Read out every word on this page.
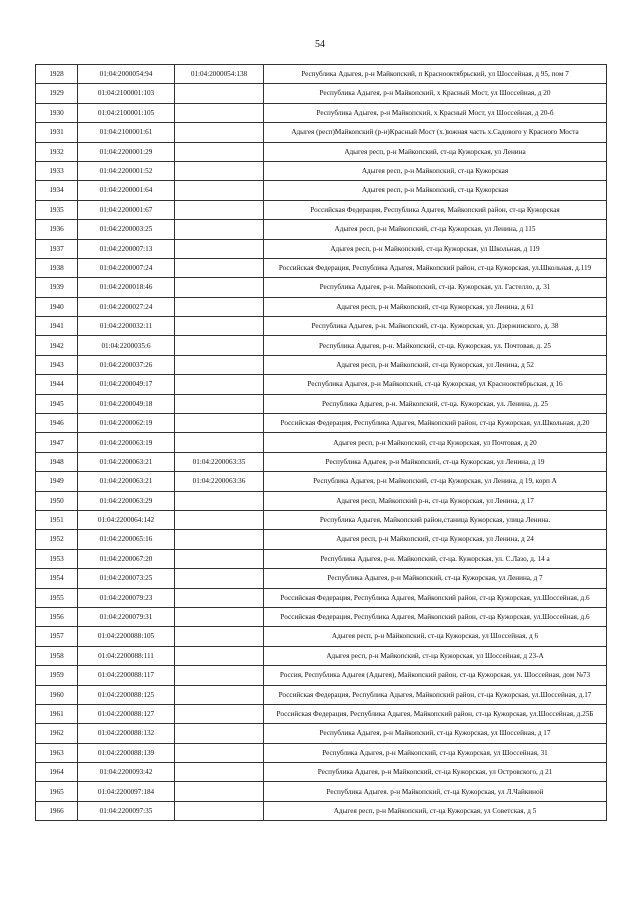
54
1928	01:04:2000054:94	01:04:2000054:138	Республика Адыгея, р-н Майкопский, п Краснооктябрьский, ул Шоссейная, д 95, пом 7
1929	01:04:2100001:103		Республика Адыгея, р-н Майкопский, х Красный Мост, ул Шоссейная, д 20
1930	01:04:2100001:105		Республика Адыгея, р-н Майкопский, х Красный Мост, ул Шоссейная, д 20-б
1931	01:04:2100001:61		Адыгея (респ)Майкопский (р-н)Красный Мост (х.)южная часть х.Садового у Красного Моста
1932	01:04:2200001:29		Адыгея респ, р-н Майкопский, ст-ца Кужорская, ул Ленина
1933	01:04:2200001:52		Адыгея респ, р-н Майкопский, ст-ца Кужорская
1934	01:04:2200001:64		Адыгея респ, р-н Майкопский, ст-ца Кужорская
1935	01:04:2200001:67		Российская Федерация, Республика Адыгея, Майкопский район, ст-ца Кужорская
1936	01:04:2200003:25		Адыгея респ, р-н Майкопский, ст-ца Кужорская, ул Ленина, д 115
1937	01:04:2200007:13		Адыгея респ, р-н Майкопский, ст-ца Кужорская, ул Школьная, д 119
1938	01:04:2200007:24		Российская Федерация, Республика Адыгея, Майкопский район, ст-ца Кужорская, ул.Школьная, д.119
1939	01:04:2200018:46		Республика Адыгея, р-н. Майкопский, ст-ца. Кужорская, ул. Гастелло, д. 31
1940	01:04:2200027:24		Адыгея респ, р-н Майкопский, ст-ца Кужорская, ул Ленина, д 61
1941	01:04:2200032:11		Республика Адыгея, р-н. Майкопский, ст-ца. Кужорская, ул. Дзержинского, д. 38
1942	01:04:2200035:6		Республика Адыгея, р-н. Майкопский, ст-ца. Кужорская, ул. Почтовая, д. 25
1943	01:04:2200037:26		Адыгея респ, р-н Майкопский, ст-ца Кужорская, ул Ленина, д 52
1944	01:04:2200049:17		Республика Адыгея, р-н Майкопский, ст-ца Кужорская, ул Краснооктябрьская, д 16
1945	01:04:2200049:18		Республика Адыгея, р-н. Майкопский, ст-ца. Кужорская, ул. Ленина, д. 25
1946	01:04:2200062:19		Российская Федерация, Республика Адыгея, Майкопский район, ст-ца Кужорская, ул.Школьная, д.20
1947	01:04:2200063:19		Адыгея респ, р-н Майкопский, ст-ца Кужорская, ул Почтовая, д 20
1948	01:04:2200063:21	01:04:2200063:35	Республика Адыгея, р-н Майкопский, ст-ца Кужорская, ул Ленина, д 19
1949	01:04:2200063:21	01:04:2200063:36	Республика Адыгея, р-н Майкопский, ст-ца Кужорская, ул Ленина, д 19, корп А
1950	01:04:2200063:29		Адыгея респ, Майкопский р-н, ст-ца Кужорская, ул Ленина, д 17
1951	01:04:2200064:142		Республика Адыгея, Майкопский район,станица Кужорская, улица Ленина.
1952	01:04:2200065:16		Адыгея респ, р-н Майкопский, ст-ца Кужорская, ул Ленина, д 24
1953	01:04:2200067:20		Республика Адыгея, р-н. Майкопский, ст-ца. Кужорская, ул. С.Лазо, д. 14 а
1954	01:04:2200073:25		Республика Адыгея, р-н Майкопский, ст-ца Кужорская, ул Ленина, д 7
1955	01:04:2200079:23		Российская Федерация, Республика Адыгея, Майкопский район, ст-ца Кужорская, ул.Шоссейная, д.6
1956	01:04:2200079:31		Российская Федерация, Республика Адыгея, Майкопский район, ст-ца Кужорская, ул.Шоссейная, д.6
1957	01:04:2200088:105		Адыгея респ, р-н Майкопский, ст-ца Кужорская, ул Шоссейная, д 6
1958	01:04:2200088:111		Адыгея респ, р-н Майкопский, ст-ца Кужорская, ул Шоссейная, д 23-А
1959	01:04:2200088:117		Россия, Республика Адыгея (Адыгея), Майкопский район, ст-ца Кужорская, ул. Шоссейная, дом №73
1960	01:04:2200088:125		Российская Федерация, Республика Адыгея, Майкопский район, ст-ца Кужорская, ул.Шоссейная, д.17
1961	01:04:2200088:127		Российская Федерация, Республика Адыгея, Майкопский район, ст-ца Кужорская, ул.Шоссейная, д.25Б
1962	01:04:2200088:132		Республика Адыгея, р-н Майкопский, ст-ца Кужорская, ул Шоссейная, д 17
1963	01:04:2200088:139		Республика Адыгея, р-н Майкопский, ст-ца Кужорская, ул Шоссейная, 31
1964	01:04:2200093:42		Республика Адыгея, р-н Майкопский, ст-ца Кужорская, ул Островского, д 21
1965	01:04:2200097:184		Республика Адыгея. р-н Майкопский, ст-ца Кужорская, ул Л.Чайкиной
1966	01:04:2200097:35		Адыгея респ, р-н Майкопский, ст-ца Кужорская, ул Советская, д 5
